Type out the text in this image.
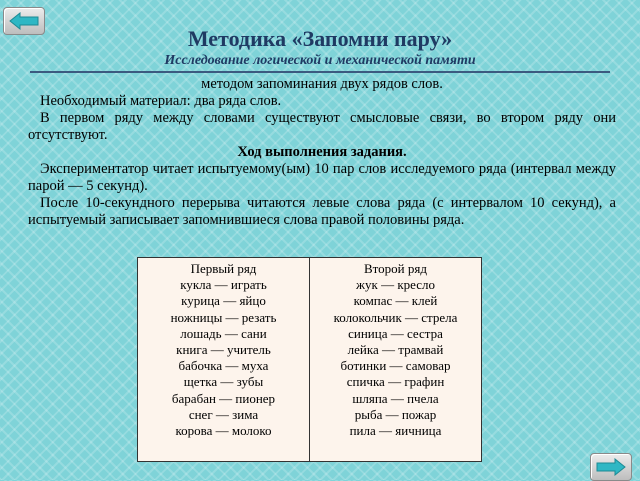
Методика «Запомни пару»
Исследование логической и механической памяти
методом запоминания двух рядов слов.
Необходимый материал: два ряда слов.
В первом ряду между словами существуют смысловые связи, во втором ряду они отсутствуют.
Ход выполнения задания.
Экспериментатор читает испытуемому(ым) 10 пар слов исследуемого ряда (интервал между парой — 5 секунд).
После 10-секундного перерыва читаются левые слова ряда (с интервалом 10 секунд), а испытуемый записывает запомнившиеся слова правой половины ряда.
Первый ряд
кукла — играть
курица — яйцо
ножницы — резать
лошадь — сани
книга — учитель
бабочка — муха
щетка — зубы
барабан — пионер
снег — зима
корова — молоко
Второй ряд
жук — кресло
компас — клей
колокольчик — стрела
синица — сестра
лейка — трамвай
ботинки — самовар
спичка — графин
шляпа — пчела
рыба — пожар
пила — яичница
